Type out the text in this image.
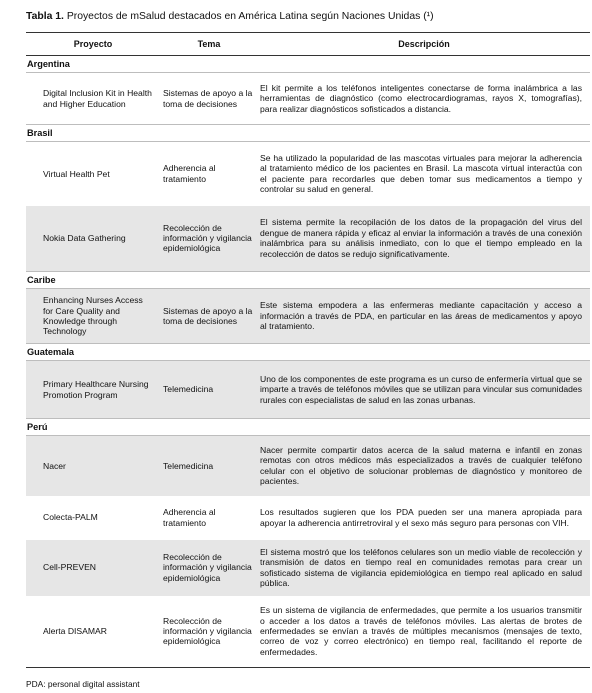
Tabla 1. Proyectos de mSalud destacados en América Latina según Naciones Unidas (¹)
Proyecto	Tema	Descripción
Argentina		
Digital Inclusion Kit in Health and Higher Education	Sistemas de apoyo a la toma de decisiones	El kit permite a los teléfonos inteligentes conectarse de forma inalámbrica a las herramientas de diagnóstico (como electrocardiogramas, rayos X, tomografías), para realizar diagnósticos sofisticados a distancia.
Brasil		
Virtual Health Pet	Adherencia al tratamiento	Se ha utilizado la popularidad de las mascotas virtuales para mejorar la adherencia al tratamiento médico de los pacientes en Brasil. La mascota virtual interactúa con el paciente para recordarles que deben tomar sus medicamentos a tiempo y controlar su salud en general.
Nokia Data Gathering	Recolección de información y vigilancia epidemiológica	El sistema permite la recopilación de los datos de la propagación del virus del dengue de manera rápida y eficaz al enviar la información a través de una conexión inalámbrica para su análisis inmediato, con lo que el tiempo empleado en la recolección de datos se redujo significativamente.
Caribe		
Enhancing Nurses Access for Care Quality and Knowledge through Technology	Sistemas de apoyo a la toma de decisiones	Este sistema empodera a las enfermeras mediante capacitación y acceso a información a través de PDA, en particular en las áreas de medicamentos y apoyo al tratamiento.
Guatemala		
Primary Healthcare Nursing Promotion Program	Telemedicina	Uno de los componentes de este programa es un curso de enfermería virtual que se imparte a través de teléfonos móviles que se utilizan para vincular sus comunidades rurales con especialistas de salud en las zonas urbanas.
Perú		
Nacer	Telemedicina	Nacer permite compartir datos acerca de la salud materna e infantil en zonas remotas con otros médicos más especializados a través de cualquier teléfono celular con el objetivo de solucionar problemas de diagnóstico y monitoreo de pacientes.
Colecta-PALM	Adherencia al tratamiento	Los resultados sugieren que los PDA pueden ser una manera apropiada para apoyar la adherencia antirretroviral y el sexo más seguro para personas con VIH.
Cell-PREVEN	Recolección de información y vigilancia epidemiológica	El sistema mostró que los teléfonos celulares son un medio viable de recolección y transmisión de datos en tiempo real en comunidades remotas para crear un sofisticado sistema de vigilancia epidemiológica en tiempo real aplicado en salud pública.
Alerta DISAMAR	Recolección de información y vigilancia epidemiológica	Es un sistema de vigilancia de enfermedades, que permite a los usuarios transmitir o acceder a los datos a través de teléfonos móviles. Las alertas de brotes de enfermedades se envían a través de múltiples mecanismos (mensajes de texto, correo de voz y correo electrónico) en tiempo real, facilitando el reporte de enfermedades.
PDA: personal digital assistant
